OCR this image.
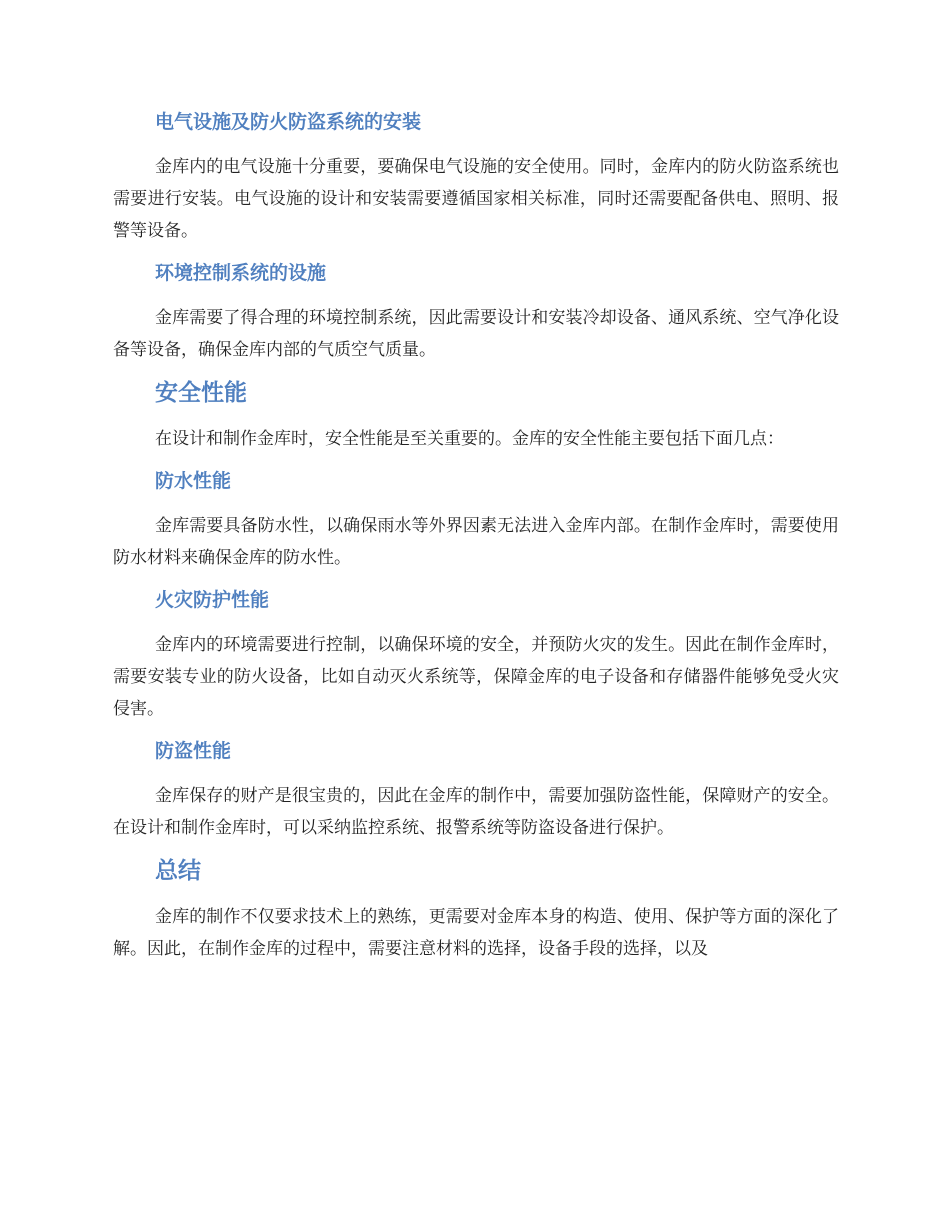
电气设施及防火防盗系统的安装

金库内的电气设施十分重要，要确保电气设施的安全使用。同时，金库内的防火防盗系统也需要进行安装。电气设施的设计和安装需要遵循国家相关标准，同时还需要配备供电、照明、报警等设备。

环境控制系统的设施

金库需要了得合理的环境控制系统，因此需要设计和安装冷却设备、通风系统、空气净化设备等设备，确保金库内部的气质空气质量。

安全性能

在设计和制作金库时，安全性能是至关重要的。金库的安全性能主要包括下面几点：

防水性能

金库需要具备防水性，以确保雨水等外界因素无法进入金库内部。在制作金库时，需要使用防水材料来确保金库的防水性。

火灾防护性能

金库内的环境需要进行控制，以确保环境的安全，并预防火灾的发生。因此在制作金库时，需要安装专业的防火设备，比如自动灭火系统等，保障金库的电子设备和存储器件能够免受火灾侵害。

防盗性能

金库保存的财产是很宝贵的，因此在金库的制作中，需要加强防盗性能，保障财产的安全。在设计和制作金库时，可以采纳监控系统、报警系统等防盗设备进行保护。

总结

金库的制作不仅要求技术上的熟练，更需要对金库本身的构造、使用、保护等方面的深化了解。因此，在制作金库的过程中，需要注意材料的选择，设备手段的选择，以及
